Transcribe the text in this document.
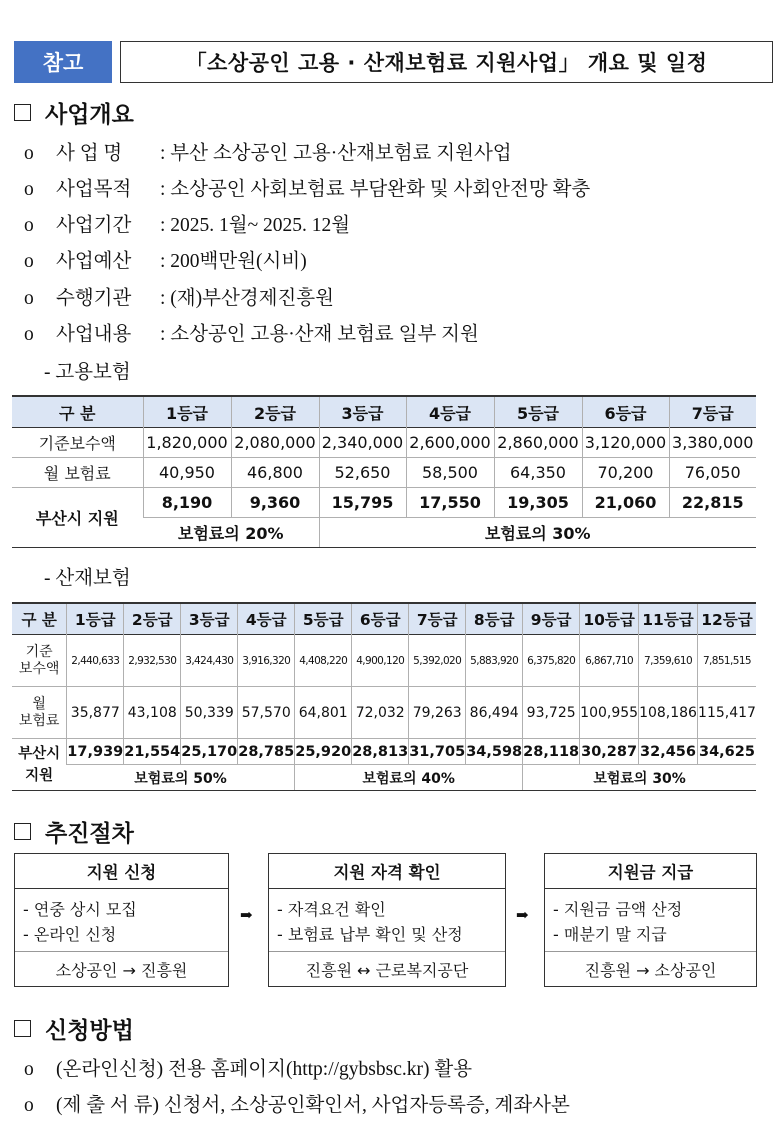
참고	「소상공인 고용 · 산재보험료 지원사업」 개요 및 일정
사업개요
o 사 업 명 : 부산 소상공인 고용·산재보험료 지원사업
o 사업목적 : 소상공인 사회보험료 부담완화 및 사회안전망 확충
o 사업기간 : 2025. 1월~ 2025. 12월
o 사업예산 : 200백만원(시비)
o 수행기관 : (재)부산경제진흥원
o 사업내용 : 소상공인 고용·산재 보험료 일부 지원
- 고용보험
구 분	1등급	2등급	3등급	4등급	5등급	6등급	7등급
기준보수액	1,820,000	2,080,000	2,340,000	2,600,000	2,860,000	3,120,000	3,380,000
월 보험료	40,950	46,800	52,650	58,500	64,350	70,200	76,050
부산시 지원	8,190	9,360	15,795	17,550	19,305	21,060	22,815
	보험료의 20%		보험료의 30%				
- 산재보험
구 분	1등급	2등급	3등급	4등급	5등급	6등급	7등급	8등급	9등급	10등급	11등급	12등급
기준
보수액	2,440,633	2,932,530	3,424,430	3,916,320	4,408,220	4,900,120	5,392,020	5,883,920	6,375,820	6,867,710	7,359,610	7,851,515
월
보험료	35,877	43,108	50,339	57,570	64,801	72,032	79,263	86,494	93,725	100,955	108,186	115,417
부산시
지원	17,939	21,554	25,170	28,785	25,920	28,813	31,705	34,598	28,118	30,287	32,456	34,625
	보험료의 50%				보험료의 40%				보험료의 30%			
추진절차
지원 신청
- 연중 상시 모집
- 온라인 신청
소상공인 → 진흥원
➡
지원 자격 확인
- 자격요건 확인
- 보험료 납부 확인 및 산정
진흥원 ↔ 근로복지공단
➡
지원금 지급
- 지원금 금액 산정
- 매분기 말 지급
진흥원 → 소상공인
신청방법
o (온라인신청) 전용 홈페이지(http://gybsbsc.kr) 활용
o (제 출 서 류) 신청서, 소상공인확인서, 사업자등록증, 계좌사본
